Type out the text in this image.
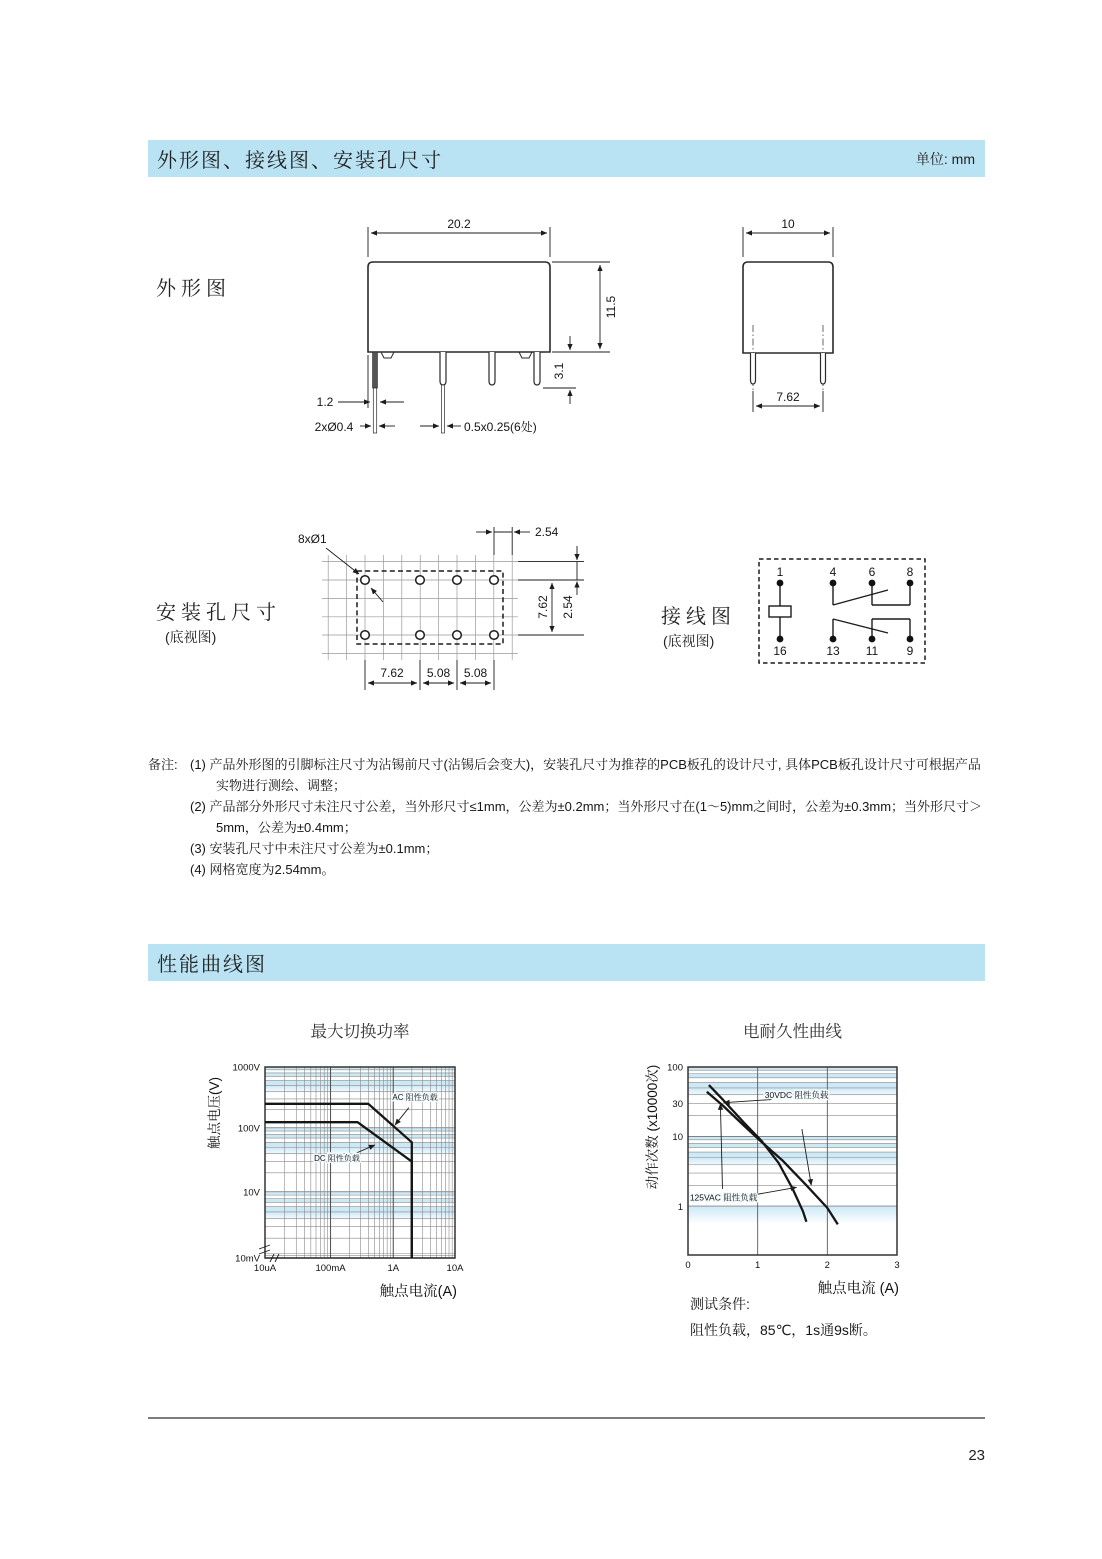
外形图、接线图、安装孔尺寸	单位: mm
外形图
20.2
11.5
3.1
1.2
2xØ0.4	0.5x0.25(6处)
10
7.62
安装孔尺寸
(底视图)
8xØ1	2.54
7.62 2.54
7.62 5.08 5.08
接线图
(底视图)
1	4	6	8
16	13 11 9
备注: (1) 产品外形图的引脚标注尺寸为沾锡前尺寸(沾锡后会变大)，安装孔尺寸为推荐的PCB板孔的设计尺寸, 具体PCB板孔设计尺寸可根据产品实物进行测绘、调整；
(2) 产品部分外形尺寸未注尺寸公差，当外形尺寸≤1mm，公差为±0.2mm；当外形尺寸在(1～5)mm之间时，公差为±0.3mm；当外形尺寸＞5mm，公差为±0.4mm；
(3) 安装孔尺寸中未注尺寸公差为±0.1mm；
(4) 网格宽度为2.54mm。
性能曲线图
AC 阻性负载
DC 阻性负载
1000V
100V
10V
10mV
10uA	100mA	1A	10A
最大切换功率
触点电压(V)
触点电流(A)
30VDC 阻性负载
125VAC 阻性负载
100
30
10
1
0	1	2	3
电耐久性曲线
动作次数 (x10000次)
触点电流 (A)
测试条件:
阻性负载，85℃，1s通9s断。
23
